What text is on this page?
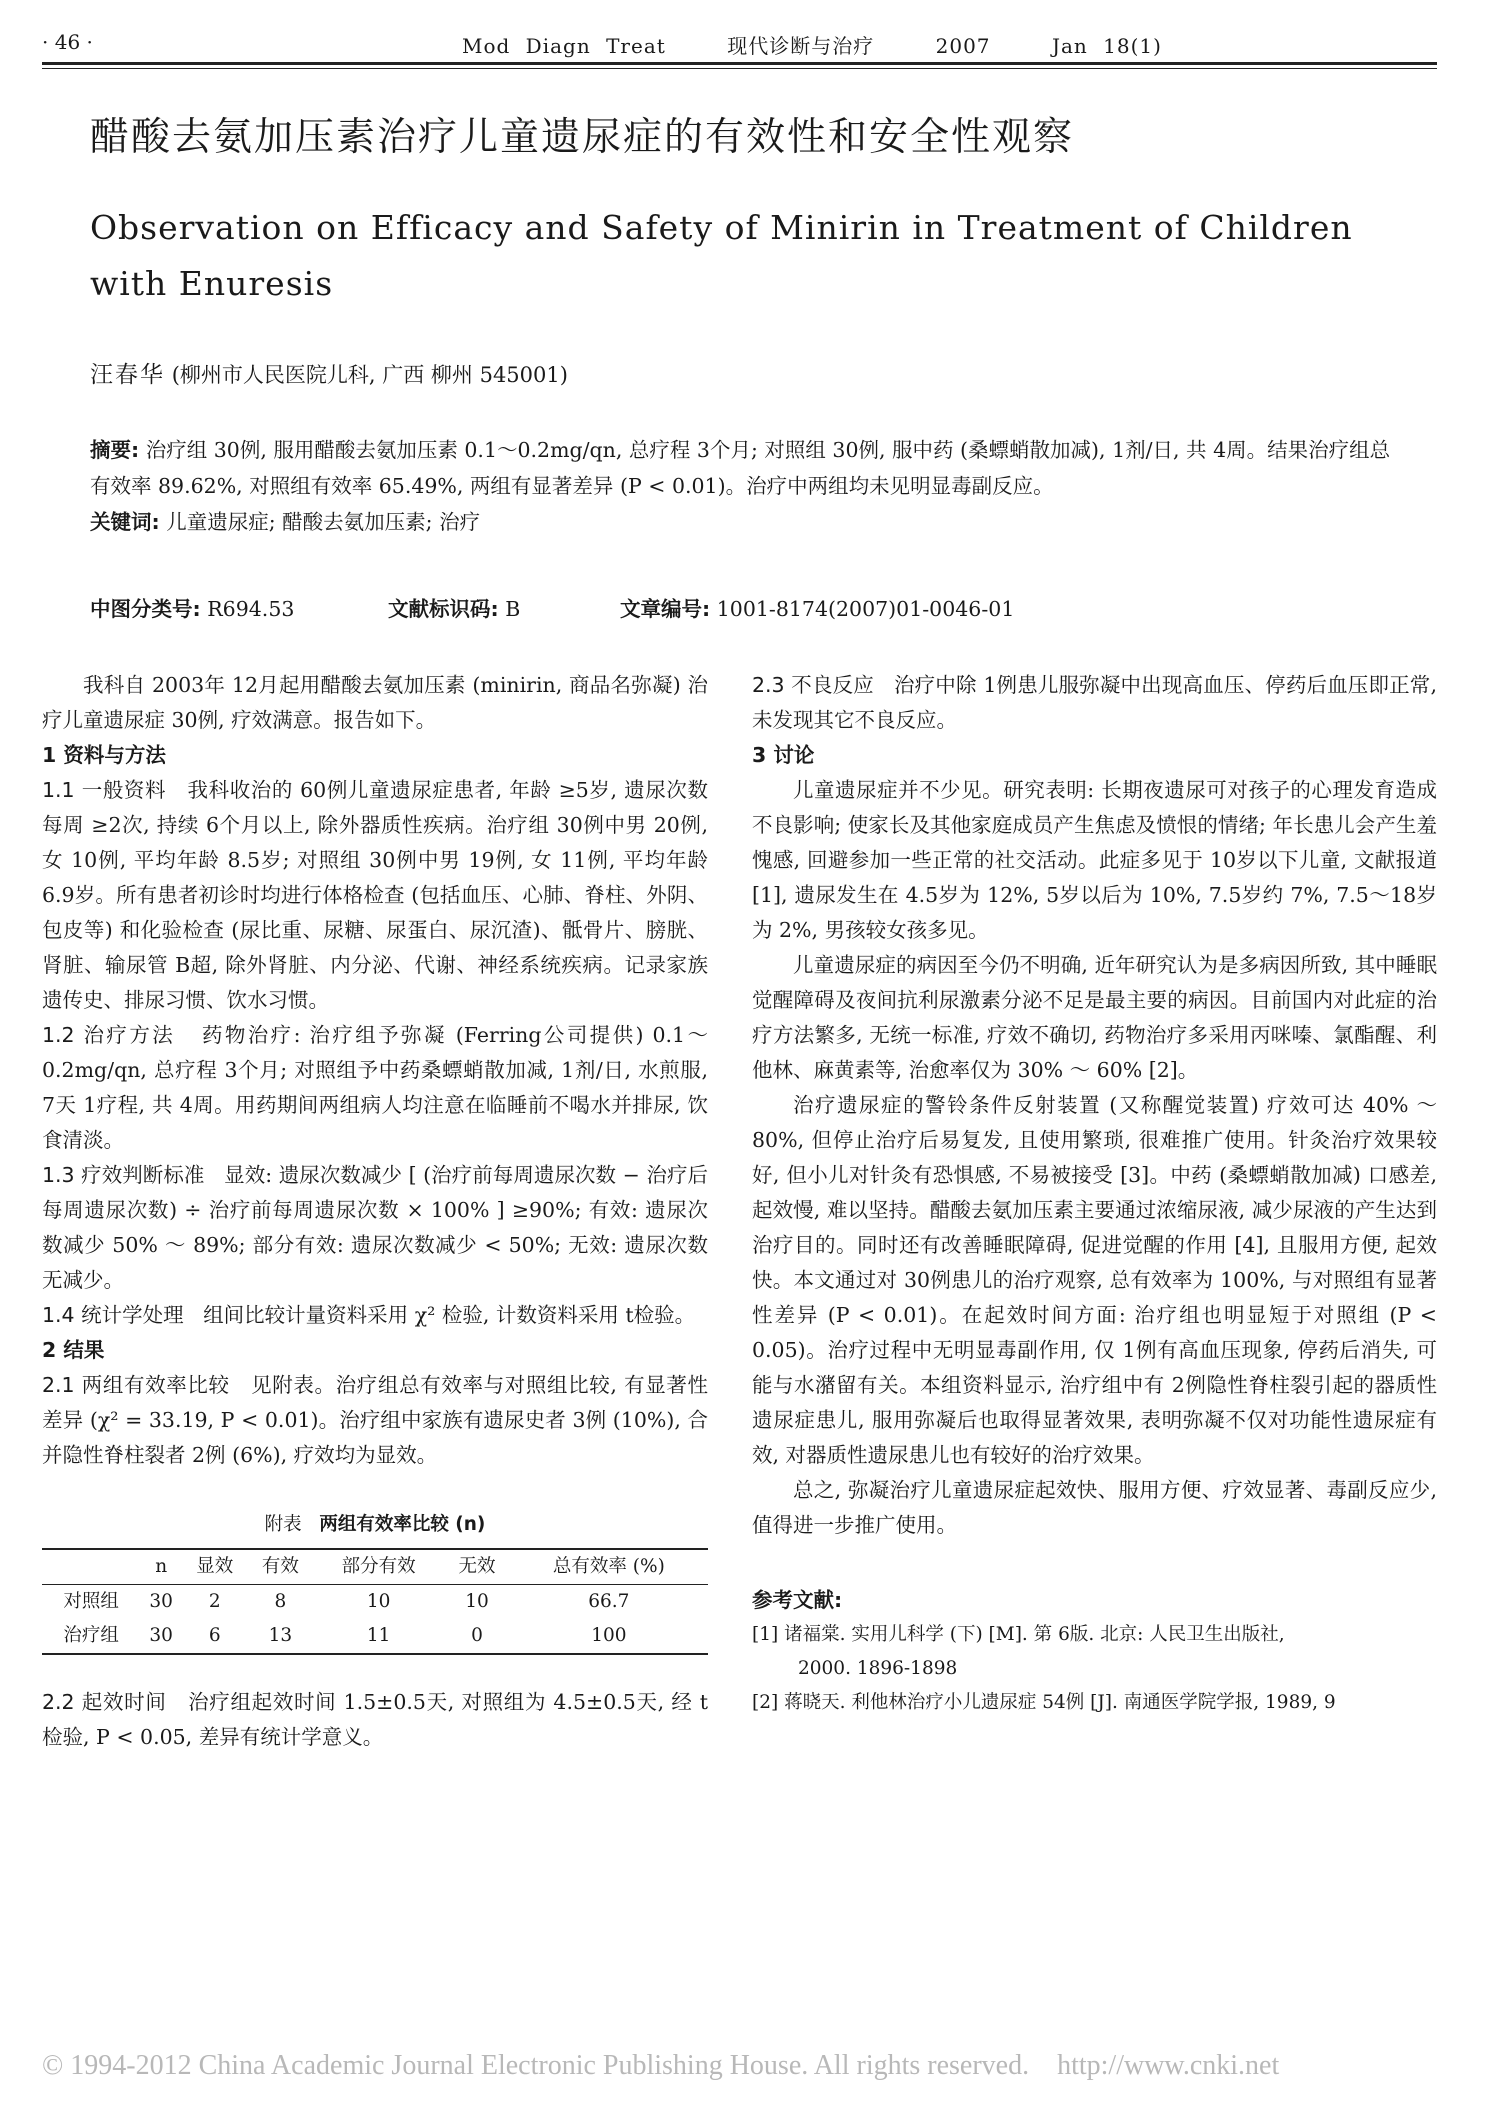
· 46 ·	Mod Diagn Treat    现代诊断与治疗    2007    Jan 18(1)
醋酸去氨加压素治疗儿童遗尿症的有效性和安全性观察
Observation on Efficacy and Safety of Minirin in Treatment of Children with Enuresis
汪春华 (柳州市人民医院儿科, 广西 柳州 545001)
摘要: 治疗组 30例, 服用醋酸去氨加压素 0.1～0.2mg/qn, 总疗程 3个月; 对照组 30例, 服中药 (桑螵蛸散加减), 1剂/日, 共 4周。结果治疗组总有效率 89.62%, 对照组有效率 65.49%, 两组有显著差异 (P < 0.01)。治疗中两组均未见明显毒副反应。
关键词: 儿童遗尿症; 醋酸去氨加压素; 治疗
中图分类号: R694.53	文献标识码: B	文章编号: 1001-8174(2007)01-0046-01

我科自 2003年 12月起用醋酸去氨加压素 (minirin, 商品名弥凝) 治疗儿童遗尿症 30例, 疗效满意。报告如下。

1 资料与方法

1.1 一般资料 我科收治的 60例儿童遗尿症患者, 年龄 ≥5岁, 遗尿次数每周 ≥2次, 持续 6个月以上, 除外器质性疾病。治疗组 30例中男 20例, 女 10例, 平均年龄 8.5岁; 对照组 30例中男 19例, 女 11例, 平均年龄 6.9岁。所有患者初诊时均进行体格检查 (包括血压、心肺、脊柱、外阴、包皮等) 和化验检查 (尿比重、尿糖、尿蛋白、尿沉渣)、骶骨片、膀胱、肾脏、输尿管 B超, 除外肾脏、内分泌、代谢、神经系统疾病。记录家族遗传史、排尿习惯、饮水习惯。

1.2 治疗方法 药物治疗: 治疗组予弥凝 (Ferring公司提供) 0.1～0.2mg/qn, 总疗程 3个月; 对照组予中药桑螵蛸散加减, 1剂/日, 水煎服, 7天 1疗程, 共 4周。用药期间两组病人均注意在临睡前不喝水并排尿, 饮食清淡。

1.3 疗效判断标准 显效: 遗尿次数减少 [ (治疗前每周遗尿次数 − 治疗后每周遗尿次数) ÷ 治疗前每周遗尿次数 × 100% ] ≥90%; 有效: 遗尿次数减少 50% ～ 89%; 部分有效: 遗尿次数减少 < 50%; 无效: 遗尿次数无减少。

1.4 统计学处理 组间比较计量资料采用 χ² 检验, 计数资料采用 t检验。

2 结果

2.1 两组有效率比较 见附表。治疗组总有效率与对照组比较, 有显著性差异 (χ² = 33.19, P < 0.01)。治疗组中家族有遗尿史者 3例 (10%), 合并隐性脊柱裂者 2例 (6%), 疗效均为显效。

附表 两组有效率比较 (n)
	n	显效	有效	部分有效	无效	总有效率 (%)
对照组	30	2	8	10	10	66.7
治疗组	30	6	13	11	0	100

2.2 起效时间 治疗组起效时间 1.5±0.5天, 对照组为 4.5±0.5天, 经 t检验, P < 0.05, 差异有统计学意义。

2.3 不良反应 治疗中除 1例患儿服弥凝中出现高血压、停药后血压即正常, 未发现其它不良反应。

3 讨论

儿童遗尿症并不少见。研究表明: 长期夜遗尿可对孩子的心理发育造成不良影响; 使家长及其他家庭成员产生焦虑及愤恨的情绪; 年长患儿会产生羞愧感, 回避参加一些正常的社交活动。此症多见于 10岁以下儿童, 文献报道 [1], 遗尿发生在 4.5岁为 12%, 5岁以后为 10%, 7.5岁约 7%, 7.5～18岁为 2%, 男孩较女孩多见。

儿童遗尿症的病因至今仍不明确, 近年研究认为是多病因所致, 其中睡眠觉醒障碍及夜间抗利尿激素分泌不足是最主要的病因。目前国内对此症的治疗方法繁多, 无统一标准, 疗效不确切, 药物治疗多采用丙咪嗪、氯酯醒、利他林、麻黄素等, 治愈率仅为 30% ～ 60% [2]。

治疗遗尿症的警铃条件反射装置 (又称醒觉装置) 疗效可达 40% ～ 80%, 但停止治疗后易复发, 且使用繁琐, 很难推广使用。针灸治疗效果较好, 但小儿对针灸有恐惧感, 不易被接受 [3]。中药 (桑螵蛸散加减) 口感差, 起效慢, 难以坚持。醋酸去氨加压素主要通过浓缩尿液, 减少尿液的产生达到治疗目的。同时还有改善睡眠障碍, 促进觉醒的作用 [4], 且服用方便, 起效快。本文通过对 30例患儿的治疗观察, 总有效率为 100%, 与对照组有显著性差异 (P < 0.01)。在起效时间方面: 治疗组也明显短于对照组 (P < 0.05)。治疗过程中无明显毒副作用, 仅 1例有高血压现象, 停药后消失, 可能与水潴留有关。本组资料显示, 治疗组中有 2例隐性脊柱裂引起的器质性遗尿症患儿, 服用弥凝后也取得显著效果, 表明弥凝不仅对功能性遗尿症有效, 对器质性遗尿患儿也有较好的治疗效果。

总之, 弥凝治疗儿童遗尿症起效快、服用方便、疗效显著、毒副反应少, 值得进一步推广使用。

参考文献:

[1] 诸福棠. 实用儿科学 (下) [M]. 第 6版. 北京: 人民卫生出版社,
2000. 1896-1898

[2] 蒋晓天. 利他林治疗小儿遗尿症 54例 [J]. 南通医学院学报, 1989, 9

© 1994-2012 China Academic Journal Electronic Publishing House. All rights reserved.    http://www.cnki.net
